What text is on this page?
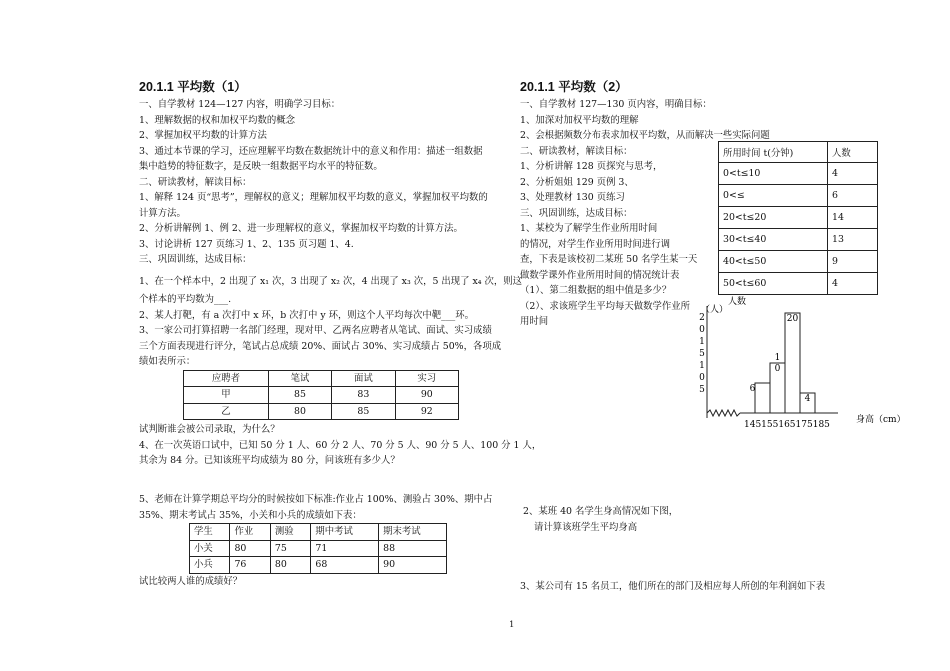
20.1.1 平均数（1）

一、自学教材 124—127 内容，明确学习目标：

1、理解数据的权和加权平均数的概念

2、掌握加权平均数的计算方法

3、通过本节课的学习，还应理解平均数在数据统计中的意义和作用：描述一组数据

集中趋势的特征数字，是反映一组数据平均水平的特征数。

二、研读教材，解读目标：

1、解释 124 页“思考”，理解权的意义；理解加权平均数的意义，掌握加权平均数的

计算方法。

2、分析讲解例 1、例 2、进一步理解权的意义，掌握加权平均数的计算方法。

3、讨论讲析 127 页练习 1、2、135 页习题 1、4.

三、巩固训练，达成目标：

1、在一个样本中，2 出现了 x₁ 次，3 出现了 x₂ 次，4 出现了 x₃ 次，5 出现了 x₄ 次，则这

个样本的平均数为___.

2、某人打靶，有 a 次打中 x 环，b 次打中 y 环，则这个人平均每次中靶___环。

3、一家公司打算招聘一名部门经理，现对甲、乙两名应聘者从笔试、面试、实习成绩

三个方面表现进行评分，笔试占总成绩 20%、面试占 30%、实习成绩占 50%，各项成

绩如表所示：

应聘者	笔试	面试	实习
甲	85	83	90
乙	80	85	92

试判断谁会被公司录取，为什么？

4、在一次英语口试中，已知 50 分 1 人、60 分 2 人、70 分 5 人、90 分 5 人、100 分 1 人，

其余为 84 分。已知该班平均成绩为 80 分，问该班有多少人？

5、老师在计算学期总平均分的时候按如下标准:作业占 100%、测验占 30%、期中占

35%、期末考试占 35%，小关和小兵的成绩如下表：

学生	作业	测验	期中考试	期末考试
小关	80	75	71	88
小兵	76	80	68	90

试比较两人谁的成绩好？

20.1.1 平均数（2）

一、自学教材 127—130 页内容，明确目标：

1、加深对加权平均数的理解

2、会根据频数分布表求加权平均数，从而解决一些实际问题

二、研读教材，解读目标：

1、分析讲解 128 页探究与思考，

2、分析姐姐 129 页例 3、

3、处理教材 130 页练习

三、巩固训练，达成目标：

1、某校为了解学生作业所用时间

的情况，对学生作业所用时间进行调

查，下表是该校初二某班 50 名学生某一天

做数学课外作业所用时间的情况统计表

（1）、第二组数据的组中值是多少？

（2）、求该班学生平均每天做数学作业所

用时间

所用时间 t(分钟)	人数
0<t≤10	4
0<≤	6
20<t≤20	14
30<t≤40	13
40<t≤50	9
50<t≤60	4
人数
（人）
2
0
1
5
1
0
5	6
1
0
20
4
145155165175185	身高（cm）

2、某班 40 名学生身高情况如下图，

请计算该班学生平均身高

3、某公司有 15 名员工，他们所在的部门及相应每人所创的年利润如下表
1
